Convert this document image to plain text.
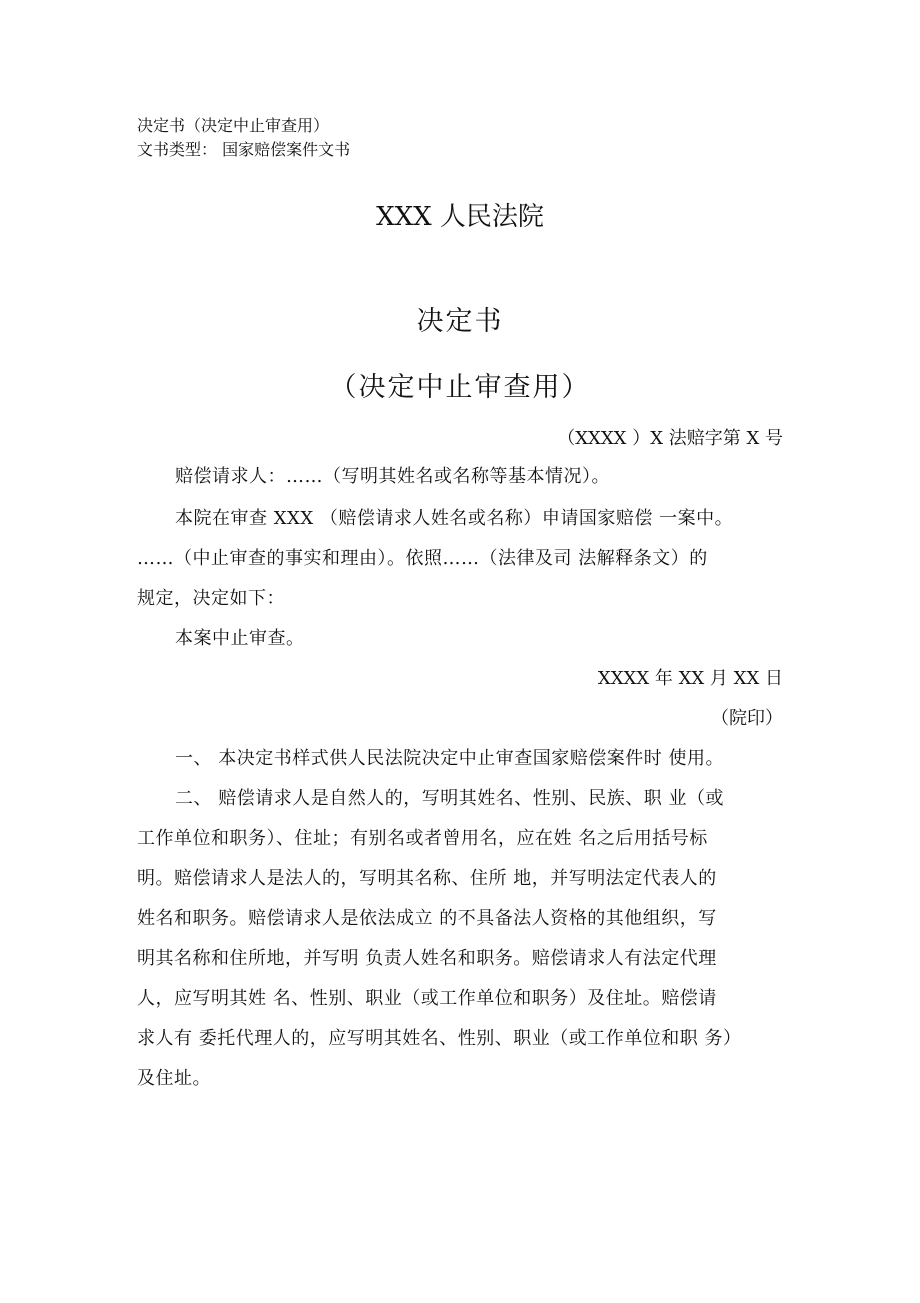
决定书（决定中止审查用）
文书类型： 国家赔偿案件文书
XXX 人民法院
决定书
（决定中止审查用）
（XXXX ）X 法赔字第 X 号
赔偿请求人：……（写明其姓名或名称等基本情况）。
本院在审查 XXX （赔偿请求人姓名或名称）申请国家赔偿 一案中。
……（中止审查的事实和理由）。依照……（法律及司 法解释条文）的
规定，决定如下：
本案中止审查。
XXXX 年 XX 月 XX 日
（院印）
一、 本决定书样式供人民法院决定中止审查国家赔偿案件时 使用。
二、 赔偿请求人是自然人的，写明其姓名、性别、民族、职 业（或
工作单位和职务）、住址；有别名或者曾用名，应在姓 名之后用括号标
明。赔偿请求人是法人的，写明其名称、住所 地，并写明法定代表人的
姓名和职务。赔偿请求人是依法成立 的不具备法人资格的其他组织，写
明其名称和住所地，并写明 负责人姓名和职务。赔偿请求人有法定代理
人，应写明其姓 名、性别、职业（或工作单位和职务）及住址。赔偿请
求人有 委托代理人的，应写明其姓名、性别、职业（或工作单位和职 务）
及住址。
